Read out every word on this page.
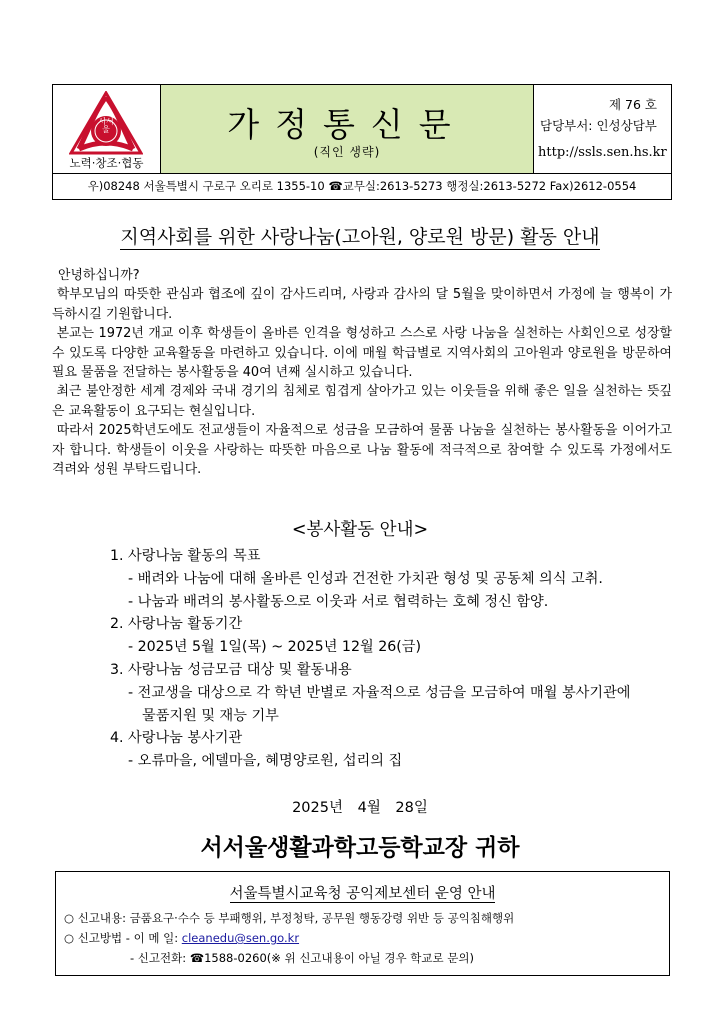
서서울
노력·창조·협동
가정통신문
(직인 생략)
제 76 호
담당부서: 인성상담부
http://ssls.sen.hs.kr
우)08248 서울특별시 구로구 오리로 1355-10 ☎교무실:2613-5273 행정실:2613-5272 Fax)2612-0554
지역사회를 위한 사랑나눔(고아원, 양로원 방문) 활동 안내

안녕하십니까?

학부모님의 따뜻한 관심과 협조에 깊이 감사드리며, 사랑과 감사의 달 5월을 맞이하면서 가정에 늘 행복이 가득하시길 기원합니다.

본교는 1972년 개교 이후 학생들이 올바른 인격을 형성하고 스스로 사랑 나눔을 실천하는 사회인으로 성장할 수 있도록 다양한 교육활동을 마련하고 있습니다. 이에 매월 학급별로 지역사회의 고아원과 양로원을 방문하여 필요 물품을 전달하는 봉사활동을 40여 년째 실시하고 있습니다.

최근 불안정한 세계 경제와 국내 경기의 침체로 힘겹게 살아가고 있는 이웃들을 위해 좋은 일을 실천하는 뜻깊은 교육활동이 요구되는 현실입니다.

따라서 2025학년도에도 전교생들이 자율적으로 성금을 모금하여 물품 나눔을 실천하는 봉사활동을 이어가고자 합니다. 학생들이 이웃을 사랑하는 따뜻한 마음으로 나눔 활동에 적극적으로 참여할 수 있도록 가정에서도 격려와 성원 부탁드립니다.

<봉사활동 안내>
1. 사랑나눔 활동의 목표
- 배려와 나눔에 대해 올바른 인성과 건전한 가치관 형성 및 공동체 의식 고취.
- 나눔과 배려의 봉사활동으로 이웃과 서로 협력하는 호혜 정신 함양.
2. 사랑나눔 활동기간
- 2025년 5월 1일(목) ~ 2025년 12월 26(금)
3. 사랑나눔 성금모금 대상 및 활동내용
- 전교생을 대상으로 각 학년 반별로 자율적으로 성금을 모금하여 매월 봉사기관에
물품지원 및 재능 기부
4. 사랑나눔 봉사기관
- 오류마을, 에델마을, 혜명양로원, 섭리의 집
2025년 4월 28일
서서울생활과학고등학교장 귀하
서울특별시교육청 공익제보센터 운영 안내
○ 신고내용: 금품요구·수수 등 부패행위, 부정청탁, 공무원 행동강령 위반 등 공익침해행위
○ 신고방법 - 이 메 일: cleanedu@sen.go.kr
- 신고전화: ☎1588-0260(※ 위 신고내용이 아닐 경우 학교로 문의)
